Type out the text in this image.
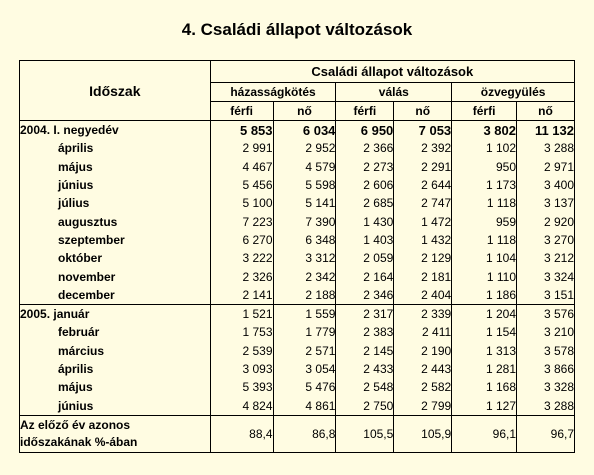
4. Családi állapot változások
Időszak	Családi állapot változások					
	házasságkötés		válás		özvegyülés	
	férfi	nő	férfi	nő	férfi	nő
2004. I. negyedév	5 853	6 034	6 950	7 053	3 802	11 132
április	2 991	2 952	2 366	2 392	1 102	3 288
május	4 467	4 579	2 273	2 291	950	2 971
június	5 456	5 598	2 606	2 644	1 173	3 400
július	5 100	5 141	2 685	2 747	1 118	3 137
augusztus	7 223	7 390	1 430	1 472	959	2 920
szeptember	6 270	6 348	1 403	1 432	1 118	3 270
október	3 222	3 312	2 059	2 129	1 104	3 212
november	2 326	2 342	2 164	2 181	1 110	3 324
december	2 141	2 188	2 346	2 404	1 186	3 151
2005. január	1 521	1 559	2 317	2 339	1 204	3 576
február	1 753	1 779	2 383	2 411	1 154	3 210
március	2 539	2 571	2 145	2 190	1 313	3 578
április	3 093	3 054	2 433	2 443	1 281	3 866
május	5 393	5 476	2 548	2 582	1 168	3 328
június	4 824	4 861	2 750	2 799	1 127	3 288

Az előző év azonos
időszakának %-ában	88,4	86,8	105,5	105,9	96,1	96,7
